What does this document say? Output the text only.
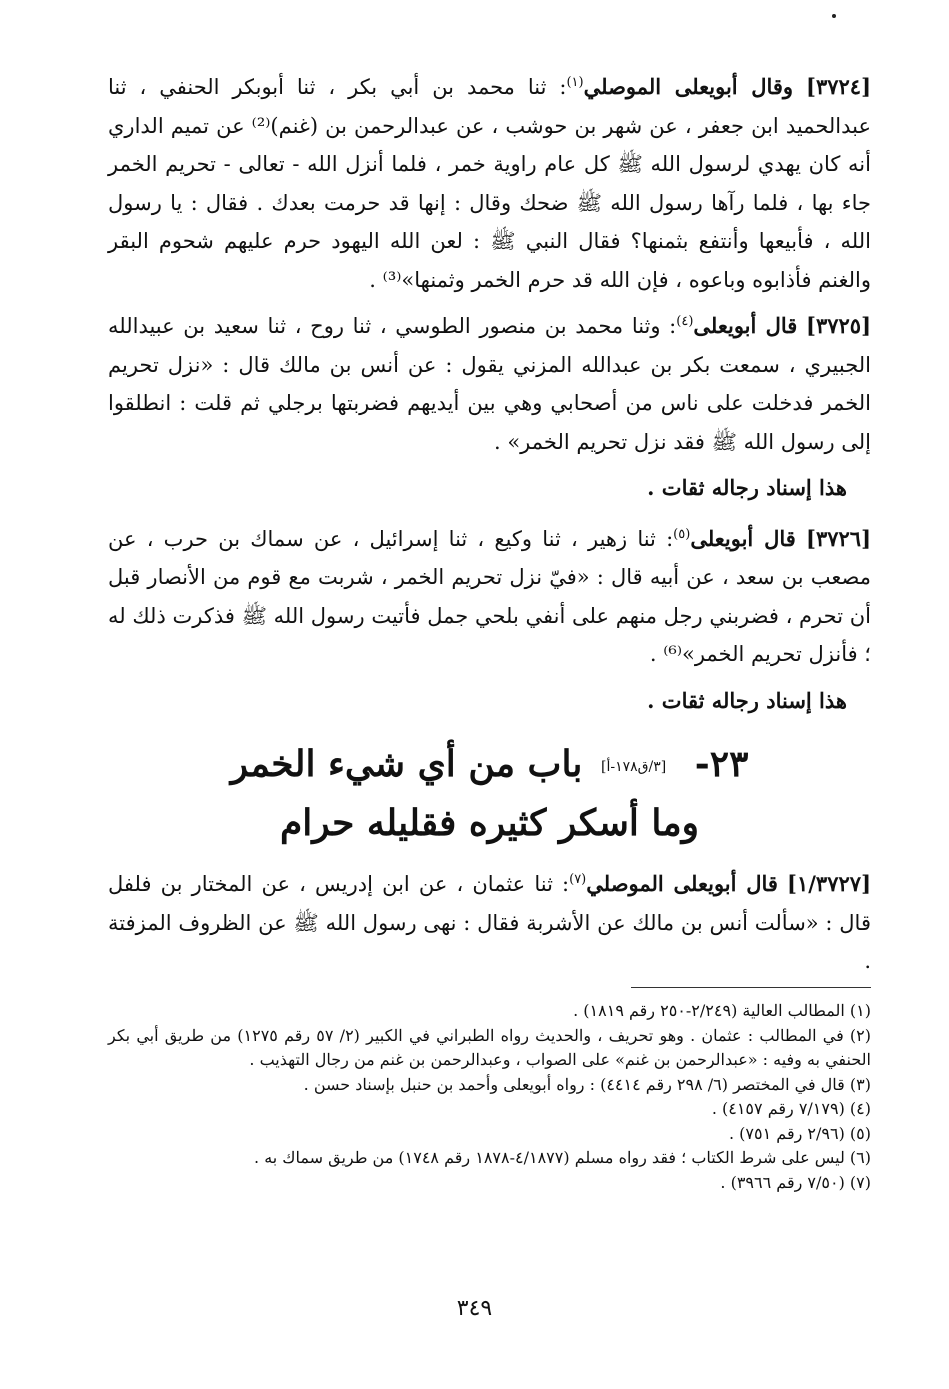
[٣٧٢٤] وقال أبويعلى الموصلي$^{(١)}$: ثنا محمد بن أبي بكر ، ثنا أبوبكر الحنفي ، ثنا عبدالحميد ابن جعفر ، عن شهر بن حوشب ، عن عبدالرحمن بن (غنم)⁽²⁾ عن تميم الداري أنه كان يهدي لرسول الله ﷺ كل عام راوية خمر ، فلما أنزل الله - تعالى - تحريم الخمر جاء بها ، فلما رآها رسول الله ﷺ ضحك وقال : إنها قد حرمت بعدك . فقال : يا رسول الله ، فأبيعها وأنتفع بثمنها؟ فقال النبي ﷺ : لعن الله اليهود حرم عليهم شحوم البقر والغنم فأذابوه وباعوه ، فإن الله قد حرم الخمر وثمنها»⁽³⁾ .

[٣٧٢٥] قال أبويعلى$^{(٤)}$: وثنا محمد بن منصور الطوسي ، ثنا روح ، ثنا سعيد بن عبيدالله الجبيري ، سمعت بكر بن عبدالله المزني يقول : عن أنس بن مالك قال : «نزل تحريم الخمر فدخلت على ناس من أصحابي وهي بين أيديهم فضربتها برجلي ثم قلت : انطلقوا إلى رسول الله ﷺ فقد نزل تحريم الخمر» .

هذا إسناد رجاله ثقات .

[٣٧٢٦] قال أبويعلى$^{(٥)}$: ثنا زهير ، ثنا وكيع ، ثنا إسرائيل ، عن سماك بن حرب ، عن مصعب بن سعد ، عن أبيه قال : «فيّ نزل تحريم الخمر ، شربت مع قوم من الأنصار قبل أن تحرم ، فضربني رجل منهم على أنفي بلحي جمل فأتيت رسول الله ﷺ فذكرت ذلك له ؛ فأنزل تحريم الخمر»⁽⁶⁾ .

هذا إسناد رجاله ثقات .
٢٣- [٣/ق١٧٨-أ] باب من أي شيء الخمر
وما أسكر كثيره فقليله حرام

[١/٣٧٢٧] قال أبويعلى الموصلي$^{(٧)}$: ثنا عثمان ، عن ابن إدريس ، عن المختار بن فلفل قال : «سألت أنس بن مالك عن الأشربة فقال : نهى رسول الله ﷺ عن الظروف المزفتة .

(١) المطالب العالية (٢/٢٤٩-٢٥٠ رقم ١٨١٩) .
(٢) في المطالب : عثمان . وهو تحريف ، والحديث رواه الطبراني في الكبير (٢/ ٥٧ رقم ١٢٧٥) من طريق أبي بكر الحنفي به وفيه : «عبدالرحمن بن غنم» على الصواب ، وعبدالرحمن بن غنم من رجال التهذيب .
(٣) قال في المختصر (٦/ ٢٩٨ رقم ٤٤١٤) : رواه أبويعلى وأحمد بن حنبل بإسناد حسن .
(٤) (٧/١٧٩ رقم ٤١٥٧) .
(٥) (٢/٩٦ رقم ٧٥١) .
(٦) ليس على شرط الكتاب ؛ فقد رواه مسلم (٤/١٨٧٧-١٨٧٨ رقم ١٧٤٨) من طريق سماك به .
(٧) (٧/٥٠ رقم ٣٩٦٦) .
٣٤٩
